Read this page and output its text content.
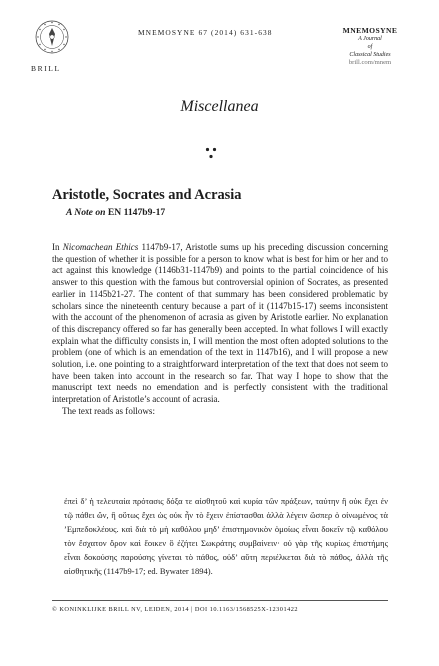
BRILL
MNEMOSYNE 67 (2014) 631-638	MNEMOSYNE
A Journal
of
Classical Studies
brill.com/mnem
Miscellanea
Aristotle, Socrates and Acrasia
A Note on EN 1147b9-17

In Nicomachean Ethics 1147b9-17, Aristotle sums up his preceding discussion concerning the question of whether it is possible for a person to know what is best for him or her and to act against this knowledge (1146b31-1147b9) and points to the partial coincidence of his answer to this question with the famous but controversial opinion of Socrates, as presented earlier in 1145b21-27. The content of that summary has been considered problematic by scholars since the nineteenth century because a part of it (1147b15-17) seems inconsistent with the account of the phenomenon of acrasia as given by Aristotle earlier. No explanation of this discrepancy offered so far has generally been accepted. In what follows I will exactly explain what the difficulty consists in, I will mention the most often adopted solutions to the problem (one of which is an emendation of the text in 1147b16), and I will propose a new solution, i.e. one pointing to a straightforward interpretation of the text that does not seem to have been taken into account in the research so far. That way I hope to show that the manuscript text needs no emendation and is perfectly consistent with the traditional interpretation of Aristotle’s account of acrasia.

The text reads as follows:

ἐπεὶ δ’ ἡ τελευταία πρότασις δόξα τε αἰσθητοῦ καὶ κυρία τῶν πράξεων, ταύτην ἢ οὐκ ἔχει ἐν τῷ πάθει ὤν, ἢ οὕτως ἔχει ὡς οὐκ ἦν τὸ ἔχειν ἐπίστασθαι ἀλλὰ λέγειν ὥσπερ ὁ οἰνωμένος τὰ ’Εμπεδοκλέους. καὶ διὰ τὸ μὴ καθόλου μηδ’ ἐπιστημονικὸν ὁμοίως εἶναι δοκεῖν τῷ καθόλου τὸν ἔσχατον ὅρον καὶ ἔοικεν ὃ ἐζήτει Σωκράτης συμβαίνειν· οὐ γὰρ τῆς κυρίως ἐπιστήμης εἶναι δοκούσης παρούσης γίνεται τὸ πάθος, οὐδ’ αὕτη περιέλκεται διὰ τὸ πάθος, ἀλλὰ τῆς αἰσθητικῆς (1147b9-17; ed. Bywater 1894).
© KONINKLIJKE BRILL NV, LEIDEN, 2014 | DOI 10.1163/1568525X-12301422
